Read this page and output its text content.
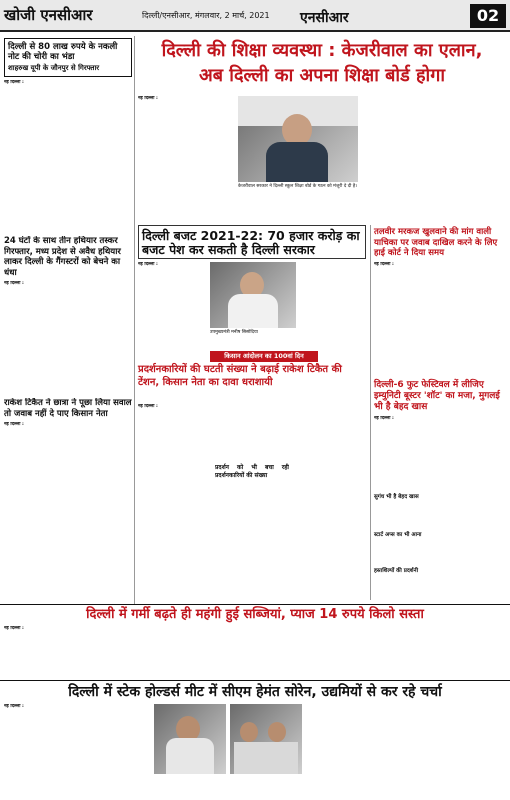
खोजी एनसीआर	दिल्ली/एनसीआर, मंगलवार, 2 मार्च, 2021 एनसीआर	02
दिल्ली से 80 लाख रुपये के नकली नोट की चोरी का भंडा
शाहरुख यूपी के जौनपुर से गिरफ्तार
नई दिल्ली :
24 घंटों के साथ तीन हथियार तस्कर गिरफ्तार, मध्य प्रदेश से अवैध हथियार लाकर दिल्ली के गैंगस्टरों को बेचने का धंधा
नई दिल्ली :
राकेश टिकैत ने छात्रा ने पूछा लिया सवाल तो जवाब नहीं दे पाए किसान नेता
नई दिल्ली :
दिल्ली की शिक्षा व्यवस्था : केजरीवाल का एलान,
अब दिल्ली का अपना शिक्षा बोर्ड होगा
नई दिल्ली :
केजरीवाल सरकार ने दिल्ली स्कूल शिक्षा बोर्ड के गठन को मंजूरी दे दी है।
दिल्ली बजट 2021-22: 70 हजार करोड़ का बजट पेश कर सकती है दिल्ली सरकार
नई दिल्ली :
उपमुख्यमंत्री मनीष सिसोदिया
तलवीर मरकज खुलवाने की मांग वाली याचिका पर जवाब दाखिल करने के लिए हाई कोर्ट ने दिया समय
नई दिल्ली :
किसान आंदोलन का 100वां दिन
प्रदर्शनकारियों की घटती संख्या ने बढ़ाई राकेश टिकैत की टेंशन, किसान नेता का दावा धराशायी
नई दिल्ली :
प्रदर्शन को भी बचा रही प्रदर्शनकारियों की संख्या
दिल्ली-6 फुट फेस्टिवल में लीजिए इम्युनिटी बूस्टर 'शॉट' का मजा, मुगलई भी है बेहद खास
नई दिल्ली :
सुगंध भी है बेहद खास
स्टार्ट अप्स का भी आना
हस्तशिल्पों की प्रदर्शनी
दिल्ली में गर्मी बढ़ते ही महंगी हुई सब्जियां, प्याज 14 रुपये किलो सस्ता
नई दिल्ली :
दिल्ली में स्टेक होल्डर्स मीट में सीएम हेमंत सोरेन, उद्यमियों से कर रहे चर्चा
नई दिल्ली :
